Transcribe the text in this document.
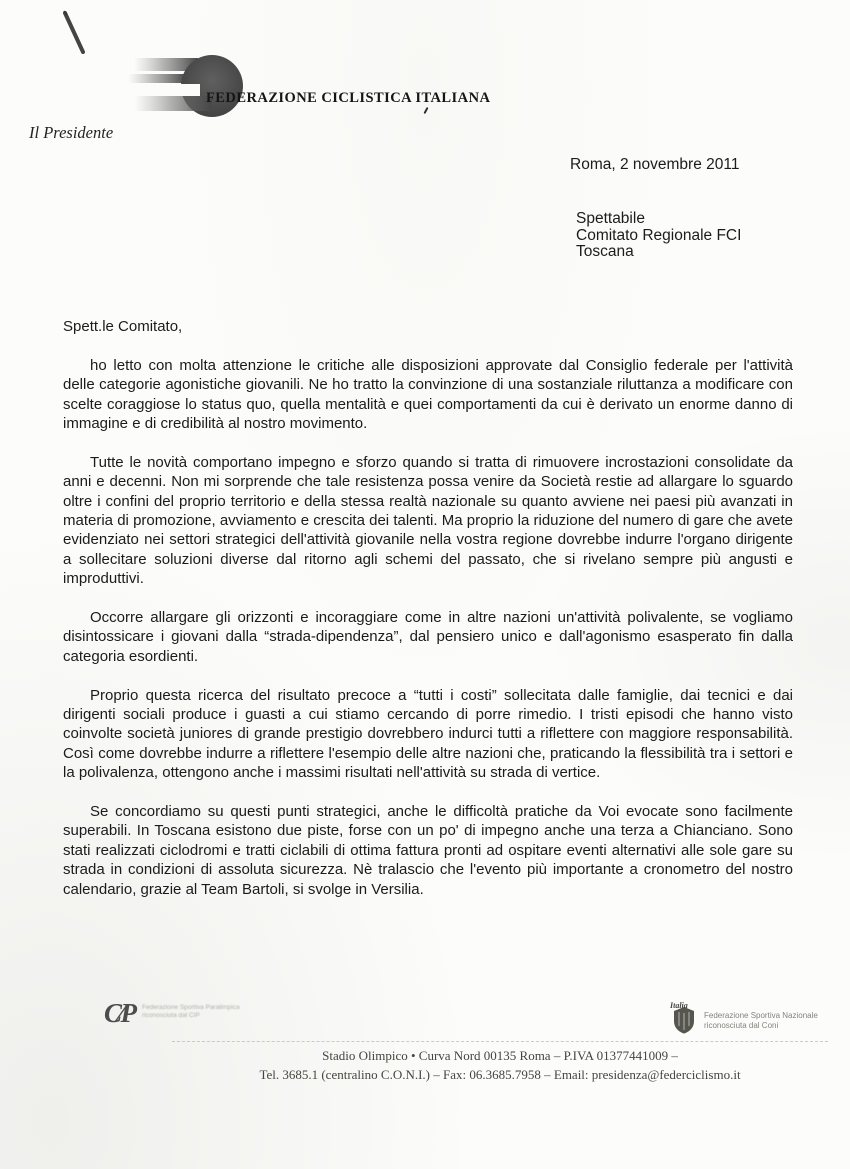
FEDERAZIONE CICLISTICA ITALIANA
Il Presidente
Roma, 2 novembre 2011
Spettabile
Comitato Regionale FCI
Toscana

Spett.le Comitato,

ho letto con molta attenzione le critiche alle disposizioni approvate dal Consiglio federale per l'attività delle categorie agonistiche giovanili. Ne ho tratto la convinzione di una sostanziale riluttanza a modificare con scelte coraggiose lo status quo, quella mentalità e quei comportamenti da cui è derivato un enorme danno di immagine e di credibilità al nostro movimento.

Tutte le novità comportano impegno e sforzo quando si tratta di rimuovere incrostazioni consolidate da anni e decenni. Non mi sorprende che tale resistenza possa venire da Società restie ad allargare lo sguardo oltre i confini del proprio territorio e della stessa realtà nazionale su quanto avviene nei paesi più avanzati in materia di promozione, avviamento e crescita dei talenti. Ma proprio la riduzione del numero di gare che avete evidenziato nei settori strategici dell'attività giovanile nella vostra regione dovrebbe indurre l'organo dirigente a sollecitare soluzioni diverse dal ritorno agli schemi del passato, che si rivelano sempre più angusti e improduttivi.

Occorre allargare gli orizzonti e incoraggiare come in altre nazioni un'attività polivalente, se vogliamo disintossicare i giovani dalla “strada-dipendenza”, dal pensiero unico e dall'agonismo esasperato fin dalla categoria esordienti.

Proprio questa ricerca del risultato precoce a “tutti i costi” sollecitata dalle famiglie, dai tecnici e dai dirigenti sociali produce i guasti a cui stiamo cercando di porre rimedio. I tristi episodi che hanno visto coinvolte società juniores di grande prestigio dovrebbero indurci tutti a riflettere con maggiore responsabilità. Così come dovrebbe indurre a riflettere l'esempio delle altre nazioni che, praticando la flessibilità tra i settori e la polivalenza, ottengono anche i massimi risultati nell'attività su strada di vertice.

Se concordiamo su questi punti strategici, anche le difficoltà pratiche da Voi evocate sono facilmente superabili. In Toscana esistono due piste, forse con un po' di impegno anche una terza a Chianciano. Sono stati realizzati ciclodromi e tratti ciclabili di ottima fattura pronti ad ospitare eventi alternativi alle sole gare su strada in condizioni di assoluta sicurezza. Nè tralascio che l'evento più importante a cronometro del nostro calendario, grazie al Team Bartoli, si svolge in Versilia.

C⁄P Federazione Sportiva Paralimpica
riconosciuta dal CIP
Italia
Federazione Sportiva Nazionale
riconosciuta dal Coni
Stadio Olimpico • Curva Nord 00135 Roma – P.IVA 01377441009 –
Tel. 3685.1 (centralino C.O.N.I.) – Fax: 06.3685.7958 – Email: presidenza@federciclismo.it
